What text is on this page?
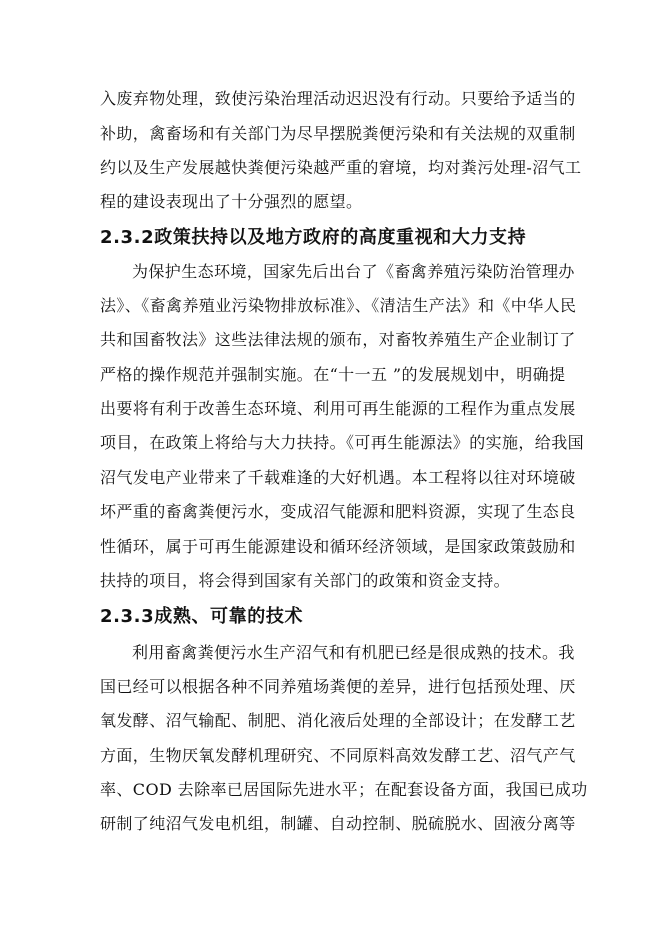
入废弃物处理，致使污染治理活动迟迟没有行动。只要给予适当的
补助，禽畜场和有关部门为尽早摆脱粪便污染和有关法规的双重制
约以及生产发展越快粪便污染越严重的窘境，均对粪污处理-沼气工
程的建设表现出了十分强烈的愿望。
2.3.2政策扶持以及地方政府的高度重视和大力支持
为保护生态环境，国家先后出台了《畜禽养殖污染防治管理办
法》、《畜禽养殖业污染物排放标准》、《清洁生产法》和《中华人民
共和国畜牧法》这些法律法规的颁布，对畜牧养殖生产企业制订了
严格的操作规范并强制实施。在“十一五 ”的发展规划中，明确提
出要将有利于改善生态环境、利用可再生能源的工程作为重点发展
项目，在政策上将给与大力扶持。《可再生能源法》的实施，给我国
沼气发电产业带来了千载难逢的大好机遇。本工程将以往对环境破
坏严重的畜禽粪便污水，变成沼气能源和肥料资源，实现了生态良
性循环，属于可再生能源建设和循环经济领域，是国家政策鼓励和
扶持的项目，将会得到国家有关部门的政策和资金支持。
2.3.3成熟、可靠的技术
利用畜禽粪便污水生产沼气和有机肥已经是很成熟的技术。我
国已经可以根据各种不同养殖场粪便的差异，进行包括预处理、厌
氧发酵、沼气输配、制肥、消化液后处理的全部设计；在发酵工艺
方面，生物厌氧发酵机理研究、不同原料高效发酵工艺、沼气产气
率、COD 去除率已居国际先进水平；在配套设备方面，我国已成功
研制了纯沼气发电机组，制罐、自动控制、脱硫脱水、固液分离等
